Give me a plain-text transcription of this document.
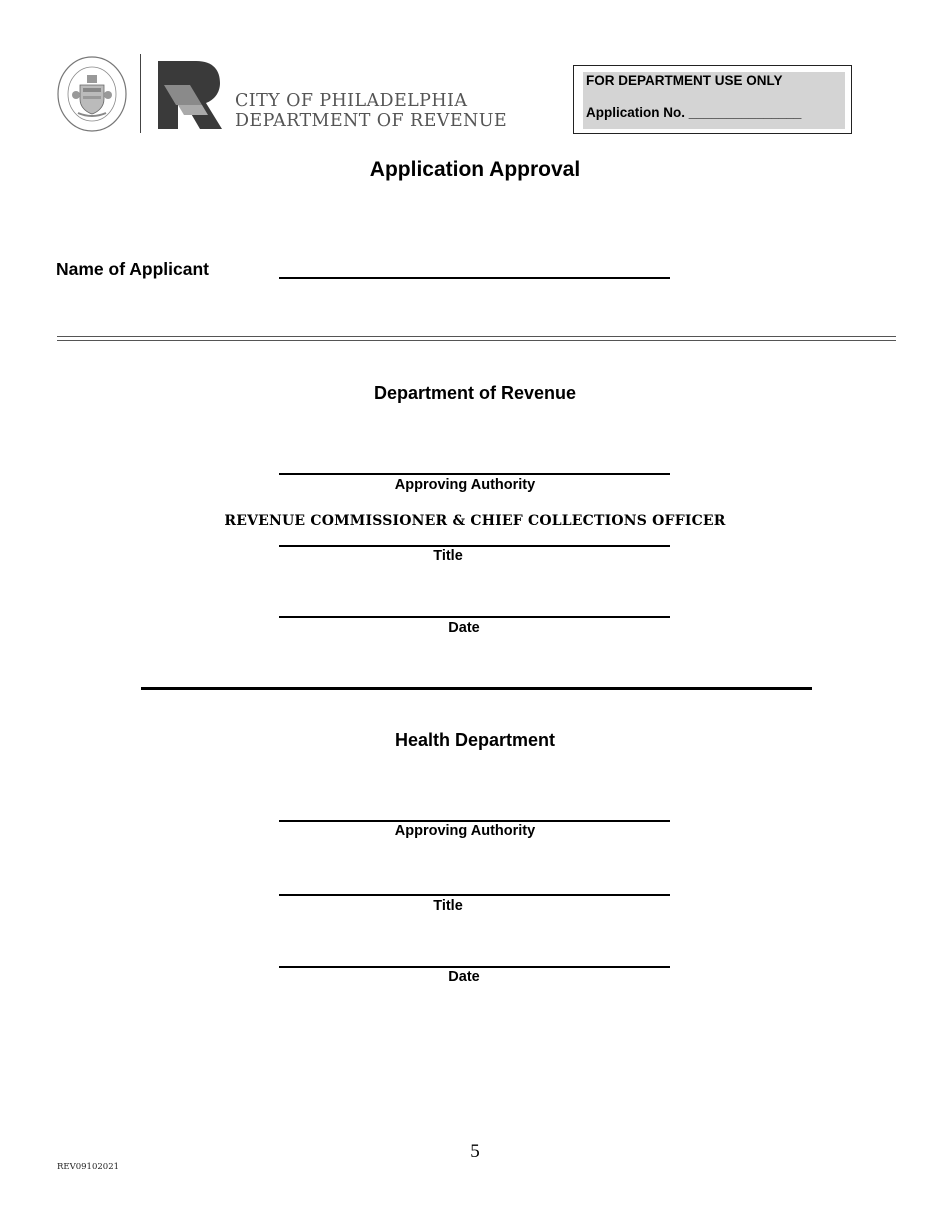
CITY OF PHILADELPHIA
DEPARTMENT OF REVENUE
FOR DEPARTMENT USE ONLY
Application No. _______________
Application Approval
Name of Applicant
Department of Revenue
Approving Authority
REVENUE COMMISSIONER & CHIEF COLLECTIONS OFFICER
Title
Date
Health Department
Approving Authority
Title
Date
5
REV09102021
